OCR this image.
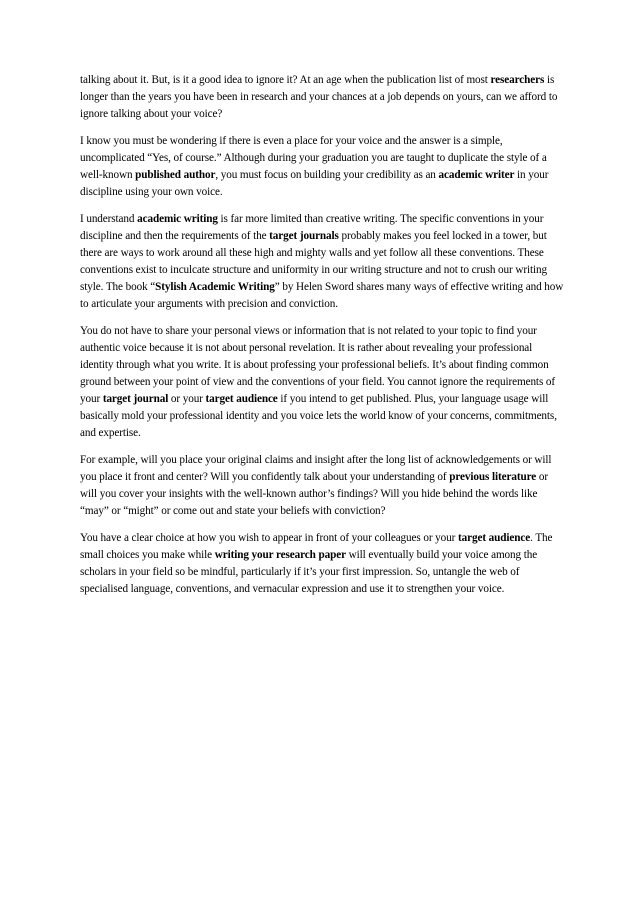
talking about it. But, is it a good idea to ignore it? At an age when the publication list of most researchers is longer than the years you have been in research and your chances at a job depends on yours, can we afford to ignore talking about your voice?

I know you must be wondering if there is even a place for your voice and the answer is a simple, uncomplicated “Yes, of course.” Although during your graduation you are taught to duplicate the style of a well-known published author, you must focus on building your credibility as an academic writer in your discipline using your own voice.

I understand academic writing is far more limited than creative writing. The specific conventions in your discipline and then the requirements of the target journals probably makes you feel locked in a tower, but there are ways to work around all these high and mighty walls and yet follow all these conventions. These conventions exist to inculcate structure and uniformity in our writing structure and not to crush our writing style. The book “Stylish Academic Writing” by Helen Sword shares many ways of effective writing and how to articulate your arguments with precision and conviction.

You do not have to share your personal views or information that is not related to your topic to find your authentic voice because it is not about personal revelation. It is rather about revealing your professional identity through what you write. It is about professing your professional beliefs. It’s about finding common ground between your point of view and the conventions of your field. You cannot ignore the requirements of your target journal or your target audience if you intend to get published. Plus, your language usage will basically mold your professional identity and you voice lets the world know of your concerns, commitments, and expertise.

For example, will you place your original claims and insight after the long list of acknowledgements or will you place it front and center? Will you confidently talk about your understanding of previous literature or will you cover your insights with the well-known author’s findings? Will you hide behind the words like “may” or “might” or come out and state your beliefs with conviction?

You have a clear choice at how you wish to appear in front of your colleagues or your target audience. The small choices you make while writing your research paper will eventually build your voice among the scholars in your field so be mindful, particularly if it’s your first impression. So, untangle the web of specialised language, conventions, and vernacular expression and use it to strengthen your voice.
